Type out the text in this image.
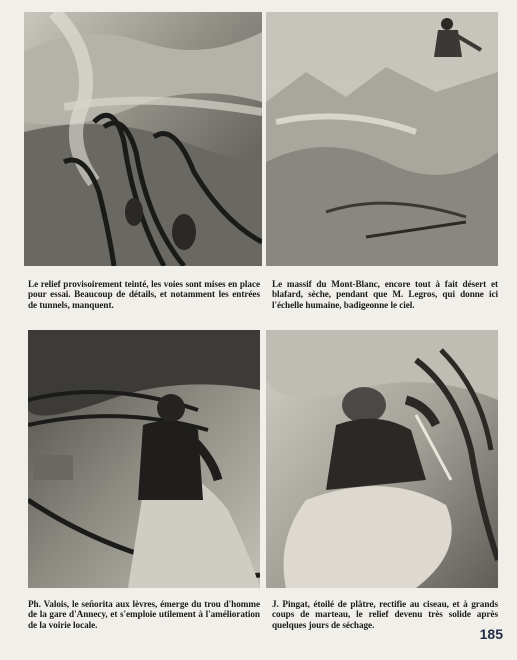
Le relief provisoirement teinté, les voies sont mises en place pour essai. Beaucoup de détails, et notamment les entrées de tunnels, manquent.
Le massif du Mont-Blanc, encore tout à fait désert et blafard, sèche, pendant que M. Legros, qui donne ici l'échelle humaine, badigeonne le ciel.
Ph. Valois, le señorita aux lèvres, émerge du trou d'homme de la gare d'Annecy, et s'emploie utilement à l'amélioration de la voirie locale.
J. Pingat, étoilé de plâtre, rectifie au ciseau, et à grands coups de marteau, le relief devenu très solide après quelques jours de séchage.
185
